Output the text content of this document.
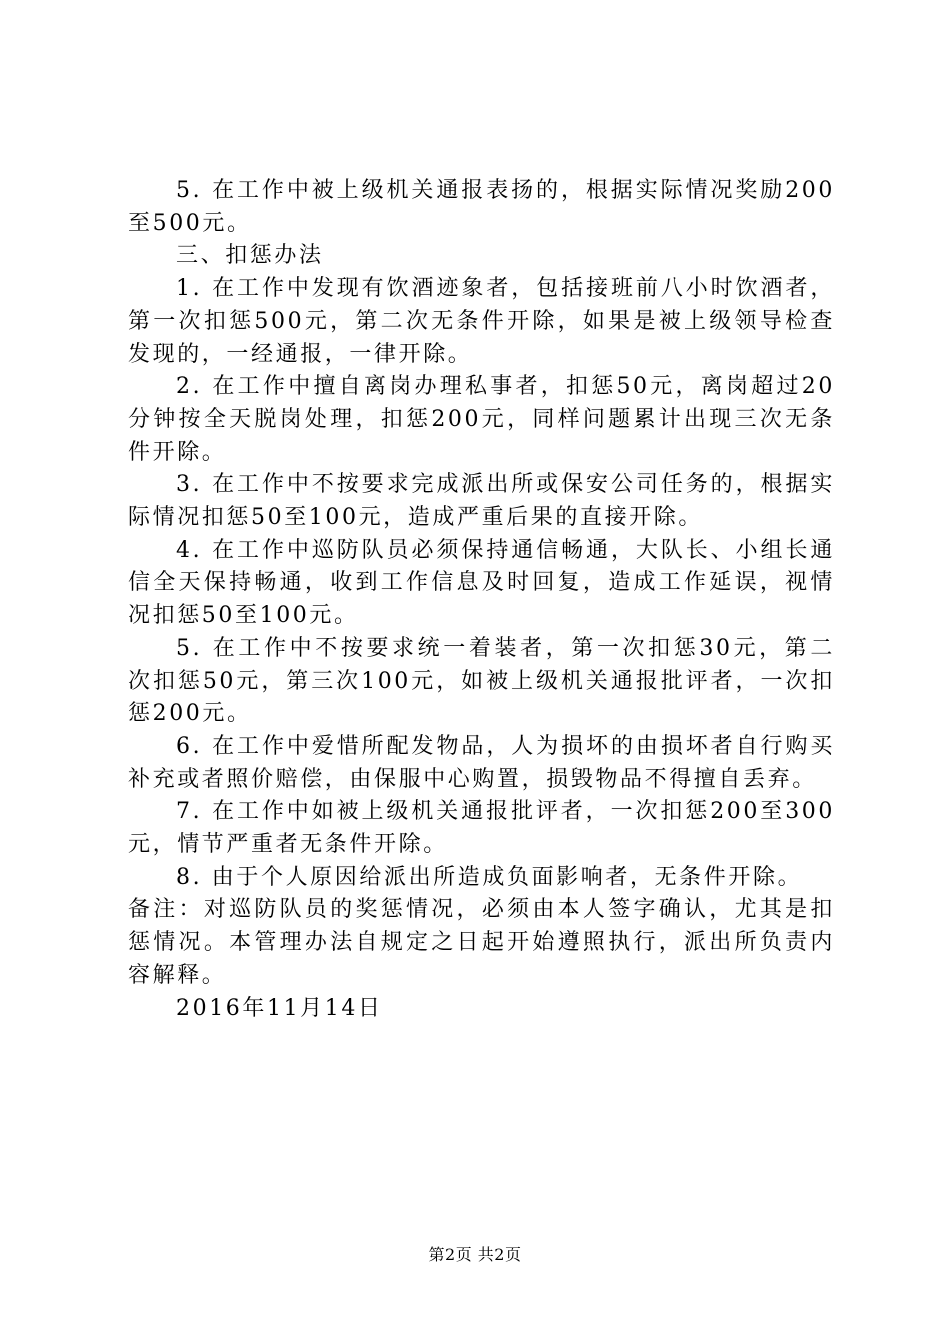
5. 在工作中被上级机关通报表扬的，根据实际情况奖励200至500元。

三、扣惩办法

1. 在工作中发现有饮酒迹象者，包括接班前八小时饮酒者，第一次扣惩500元，第二次无条件开除，如果是被上级领导检查发现的，一经通报，一律开除。

2. 在工作中擅自离岗办理私事者，扣惩50元，离岗超过20分钟按全天脱岗处理，扣惩200元，同样问题累计出现三次无条件开除。

3. 在工作中不按要求完成派出所或保安公司任务的，根据实际情况扣惩50至100元，造成严重后果的直接开除。

4. 在工作中巡防队员必须保持通信畅通，大队长、小组长通信全天保持畅通，收到工作信息及时回复，造成工作延误，视情况扣惩50至100元。

5. 在工作中不按要求统一着装者，第一次扣惩30元，第二次扣惩50元，第三次100元，如被上级机关通报批评者，一次扣惩200元。

6. 在工作中爱惜所配发物品，人为损坏的由损坏者自行购买补充或者照价赔偿，由保服中心购置，损毁物品不得擅自丢弃。

7. 在工作中如被上级机关通报批评者，一次扣惩200至300元，情节严重者无条件开除。

8. 由于个人原因给派出所造成负面影响者，无条件开除。

备注：对巡防队员的奖惩情况，必须由本人签字确认，尤其是扣惩情况。本管理办法自规定之日起开始遵照执行，派出所负责内容解释。

2016年11月14日

第2页 共2页
